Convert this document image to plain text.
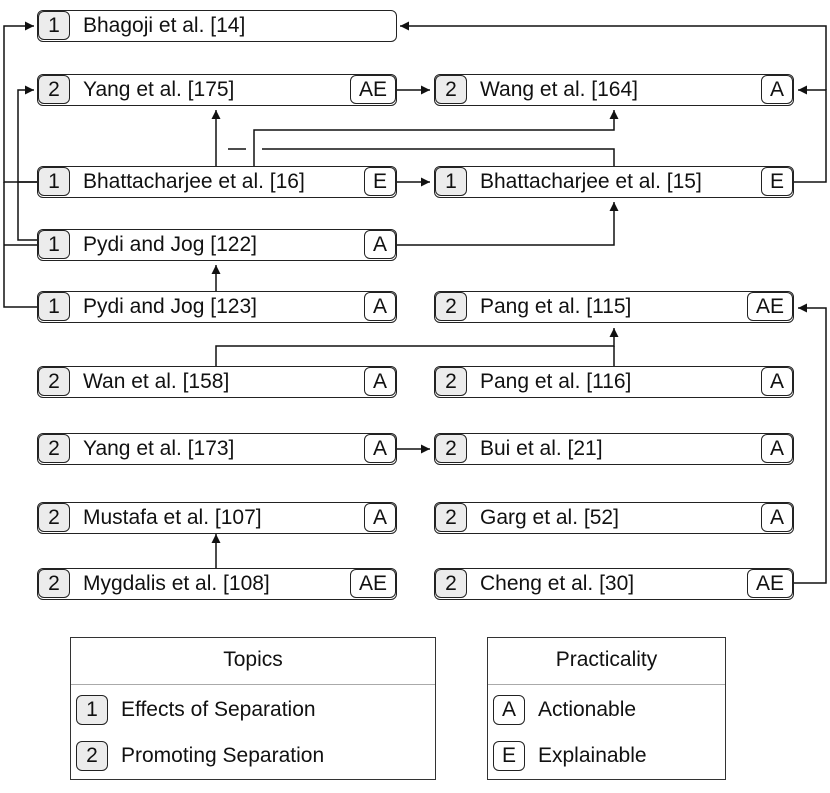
1	Bhagoji et al. [14]
2	Yang et al. [175]	AE
1	Bhattacharjee et al. [16]	E
1	Pydi and Jog [122]	A
1	Pydi and Jog [123]	A
2	Wan et al. [158]	A
2	Yang et al. [173]	A
2	Mustafa et al. [107]	A
2	Mygdalis et al. [108]	AE
2	Wang et al. [164]	A
1	Bhattacharjee et al. [15]	E
2	Pang et al. [115]	AE
2	Pang et al. [116]	A
2	Bui et al. [21]	A
2	Garg et al. [52]	A
2	Cheng et al. [30]	AE
Topics
1	Effects of Separation
2	Promoting Separation
Practicality
A	Actionable
E	Explainable
